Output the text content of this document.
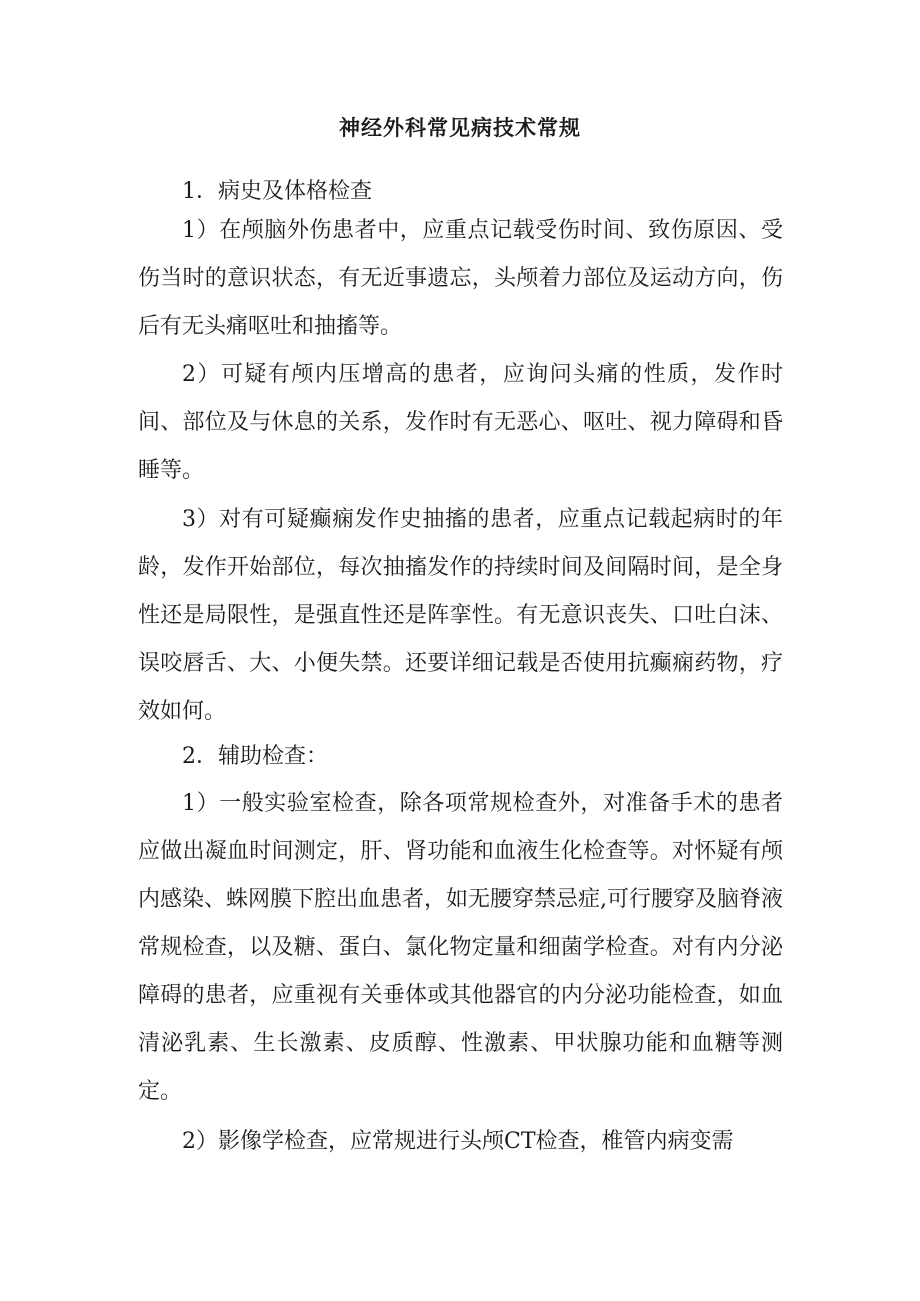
神经外科常见病技术常规

1．病史及体格检查

1）在颅脑外伤患者中，应重点记载受伤时间、致伤原因、受伤当时的意识状态，有无近事遗忘，头颅着力部位及运动方向，伤后有无头痛呕吐和抽搐等。

2）可疑有颅内压增高的患者，应询问头痛的性质，发作时间、部位及与休息的关系，发作时有无恶心、呕吐、视力障碍和昏睡等。

3）对有可疑癫痫发作史抽搐的患者，应重点记载起病时的年龄，发作开始部位，每次抽搐发作的持续时间及间隔时间，是全身性还是局限性，是强直性还是阵挛性。有无意识丧失、口吐白沫、误咬唇舌、大、小便失禁。还要详细记载是否使用抗癫痫药物，疗效如何。

2．辅助检查：

1）一般实验室检查，除各项常规检查外，对准备手术的患者应做出凝血时间测定，肝、肾功能和血液生化检查等。对怀疑有颅内感染、蛛网膜下腔出血患者，如无腰穿禁忌症,可行腰穿及脑脊液常规检查，以及糖、蛋白、氯化物定量和细菌学检查。对有内分泌障碍的患者，应重视有关垂体或其他器官的内分泌功能检查，如血清泌乳素、生长激素、皮质醇、性激素、甲状腺功能和血糖等测定。

2）影像学检查，应常规进行头颅CT检查，椎管内病变需
